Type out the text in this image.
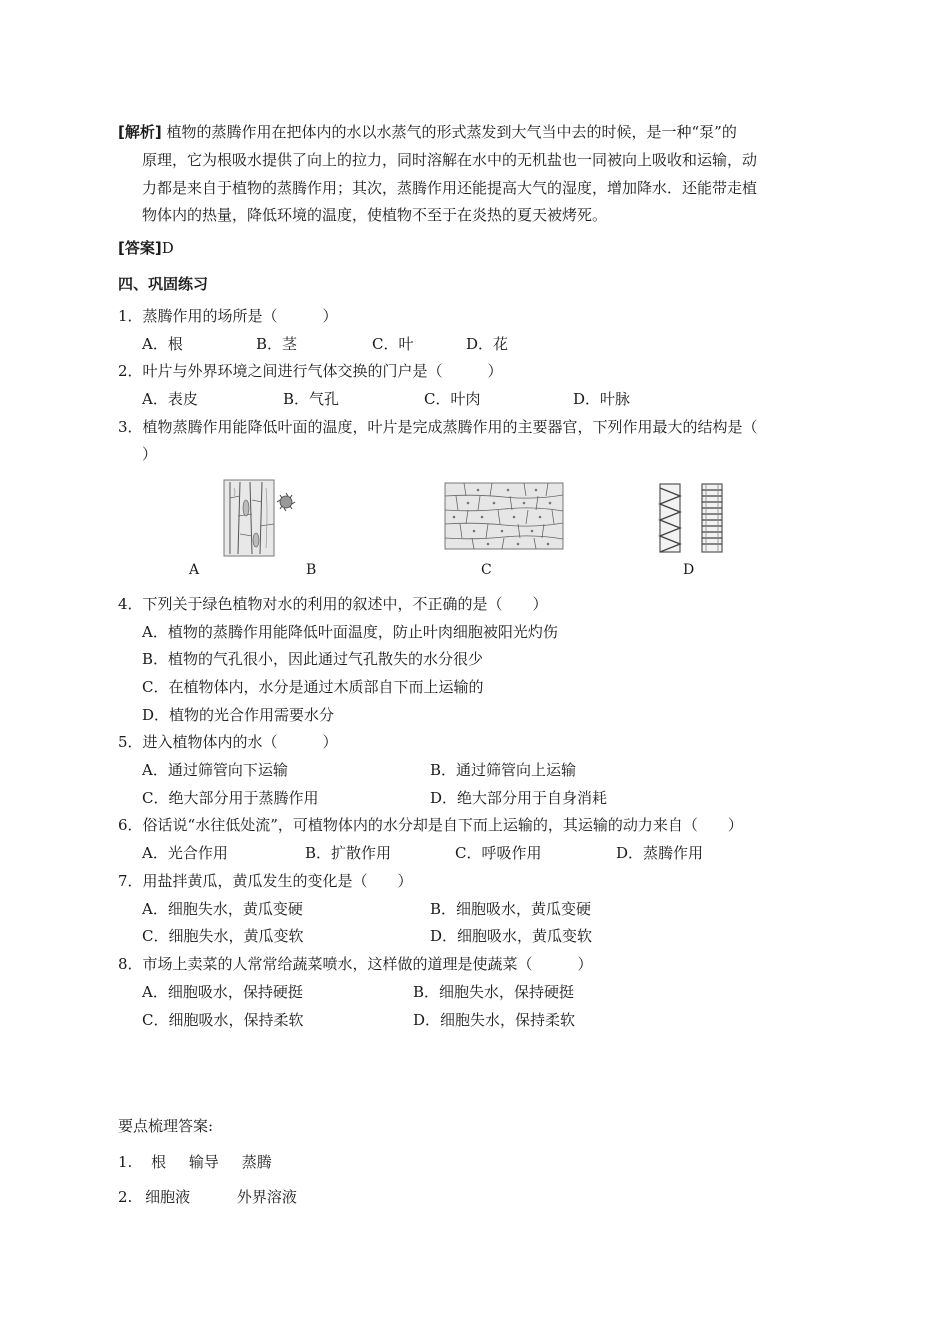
[解析] 植物的蒸腾作用在把体内的水以水蒸气的形式蒸发到大气当中去的时候，是一种“泵”的
原理，它为根吸水提供了向上的拉力，同时溶解在水中的无机盐也一同被向上吸收和运输，动
力都是来自于植物的蒸腾作用；其次，蒸腾作用还能提高大气的湿度，增加降水．还能带走植
物体内的热量，降低环境的温度，使植物不至于在炎热的夏天被烤死。
[答案]D
四、巩固练习
1．蒸腾作用的场所是（　　　）
A．根	B．茎	C．叶	D．花
2．叶片与外界环境之间进行气体交换的门户是（　　　）
A．表皮	B．气孔	C．叶肉	D．叶脉
3．植物蒸腾作用能降低叶面的温度，叶片是完成蒸腾作用的主要器官，下列作用最大的结构是（
）
A	B	C	D
4．下列关于绿色植物对水的利用的叙述中，不正确的是（　　）
A．植物的蒸腾作用能降低叶面温度，防止叶肉细胞被阳光灼伤
B．植物的气孔很小，因此通过气孔散失的水分很少
C．在植物体内，水分是通过木质部自下而上运输的
D．植物的光合作用需要水分
5．进入植物体内的水（　　　）
A．通过筛管向下运输	B．通过筛管向上运输
C．绝大部分用于蒸腾作用	D．绝大部分用于自身消耗
6．俗话说“水往低处流”，可植物体内的水分却是自下而上运输的，其运输的动力来自（　　）
A．光合作用	B．扩散作用	C．呼吸作用	D．蒸腾作用
7．用盐拌黄瓜，黄瓜发生的变化是（　　）
A．细胞失水，黄瓜变硬	B．细胞吸水，黄瓜变硬
C．细胞失水，黄瓜变软	D．细胞吸水，黄瓜变软
8．市场上卖菜的人常常给蔬菜喷水，这样做的道理是使蔬菜（　　　）
A．细胞吸水，保持硬挺	B．细胞失水，保持硬挺
C．细胞吸水，保持柔软	D．细胞失水，保持柔软
要点梳理答案:
1. 根 输导 蒸腾
2. 细胞液	外界溶液
